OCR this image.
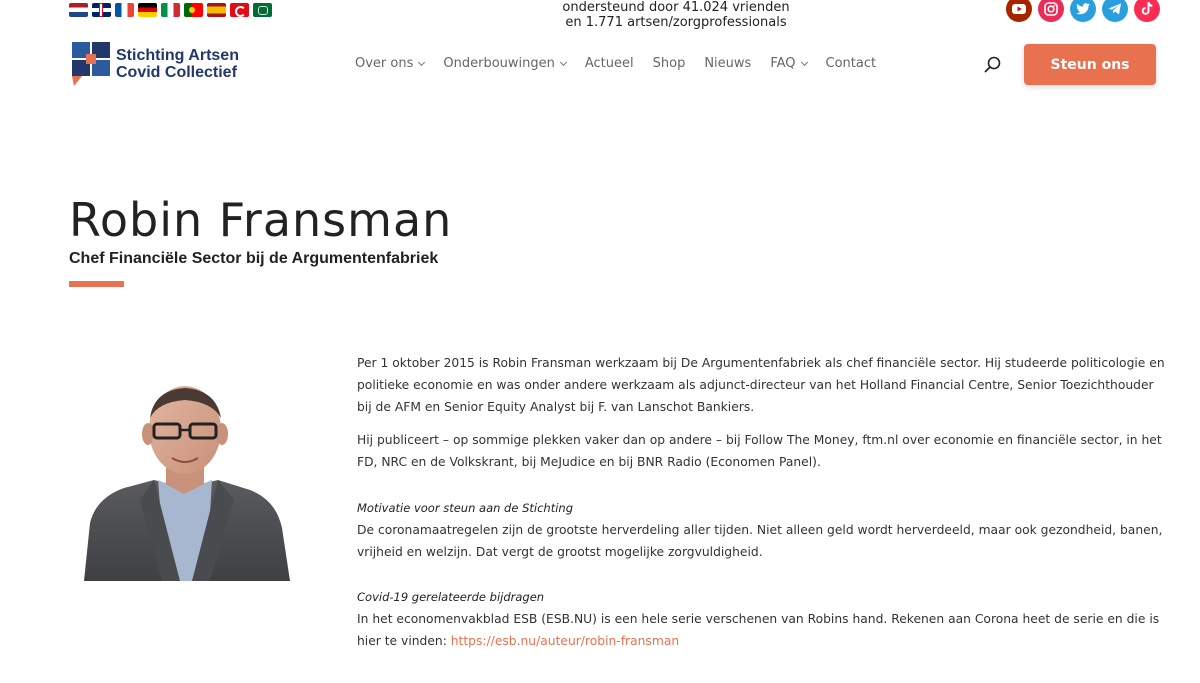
ondersteund door 41.024 vrienden
en 1.771 artsen/zorgprofessionals
Stichting Artsen
Covid Collectief
Over ons Onderbouwingen Actueel Shop Nieuws FAQ Contact	Steun ons
Robin Fransman
Chef Financiële Sector bij de Argumentenfabriek

Per 1 oktober 2015 is Robin Fransman werkzaam bij De Argumentenfabriek als chef financiële sector. Hij studeerde politicologie en politieke economie en was onder andere werkzaam als adjunct-directeur van het Holland Financial Centre, Senior Toezichthouder bij de AFM en Senior Equity Analyst bij F. van Lanschot Bankiers.

Hij publiceert – op sommige plekken vaker dan op andere – bij Follow The Money, ftm.nl over economie en financiële sector, in het FD, NRC en de Volkskrant, bij MeJudice en bij BNR Radio (Economen Panel).

Motivatie voor steun aan de Stichting

De coronamaatregelen zijn de grootste herverdeling aller tijden. Niet alleen geld wordt herverdeeld, maar ook gezondheid, banen, vrijheid en welzijn. Dat vergt de grootst mogelijke zorgvuldigheid.

Covid-19 gerelateerde bijdragen

In het economenvakblad ESB (ESB.NU) is een hele serie verschenen van Robins hand. Rekenen aan Corona heet de serie en die is hier te vinden: https://esb.nu/auteur/robin-fransman
